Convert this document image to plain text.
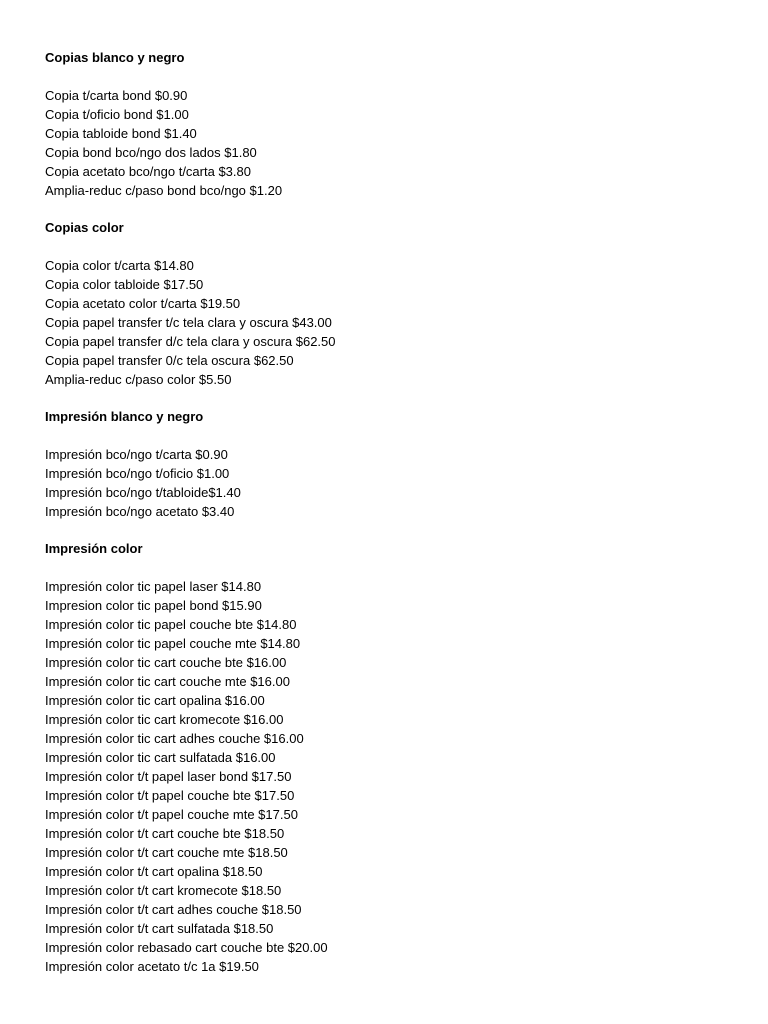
Copias blanco y negro
Copia t/carta bond $0.90
Copia t/oficio bond $1.00
Copia tabloide bond $1.40
Copia bond bco/ngo dos lados $1.80
Copia acetato bco/ngo t/carta $3.80
Amplia-reduc c/paso bond bco/ngo $1.20
Copias color
Copia color t/carta $14.80
Copia color tabloide $17.50
Copia acetato color t/carta $19.50
Copia papel transfer t/c tela clara y oscura $43.00
Copia papel transfer d/c tela clara y oscura $62.50
Copia papel transfer 0/c tela oscura $62.50
Amplia-reduc c/paso color $5.50
Impresión blanco y negro
Impresión bco/ngo t/carta $0.90
Impresión bco/ngo t/oficio $1.00
Impresión bco/ngo t/tabloide$1.40
Impresión bco/ngo acetato $3.40
Impresión color
Impresión color tic papel laser $14.80
Impresion color tic papel bond $15.90
Impresión color tic papel couche bte $14.80
Impresión color tic papel couche mte $14.80
Impresión color tic cart couche bte $16.00
Impresión color tic cart couche mte $16.00
Impresión color tic cart opalina $16.00
Impresión color tic cart kromecote $16.00
Impresión color tic cart adhes couche $16.00
Impresión color tic cart sulfatada $16.00
Impresión color t/t papel laser bond $17.50
Impresión color t/t papel couche bte $17.50
Impresión color t/t papel couche mte $17.50
Impresión color t/t cart couche bte $18.50
Impresión color t/t cart couche mte $18.50
Impresión color t/t cart opalina $18.50
Impresión color t/t cart kromecote $18.50
Impresión color t/t cart adhes couche $18.50
Impresión color t/t cart sulfatada $18.50
Impresión color rebasado cart couche bte $20.00
Impresión color acetato t/c 1a $19.50
